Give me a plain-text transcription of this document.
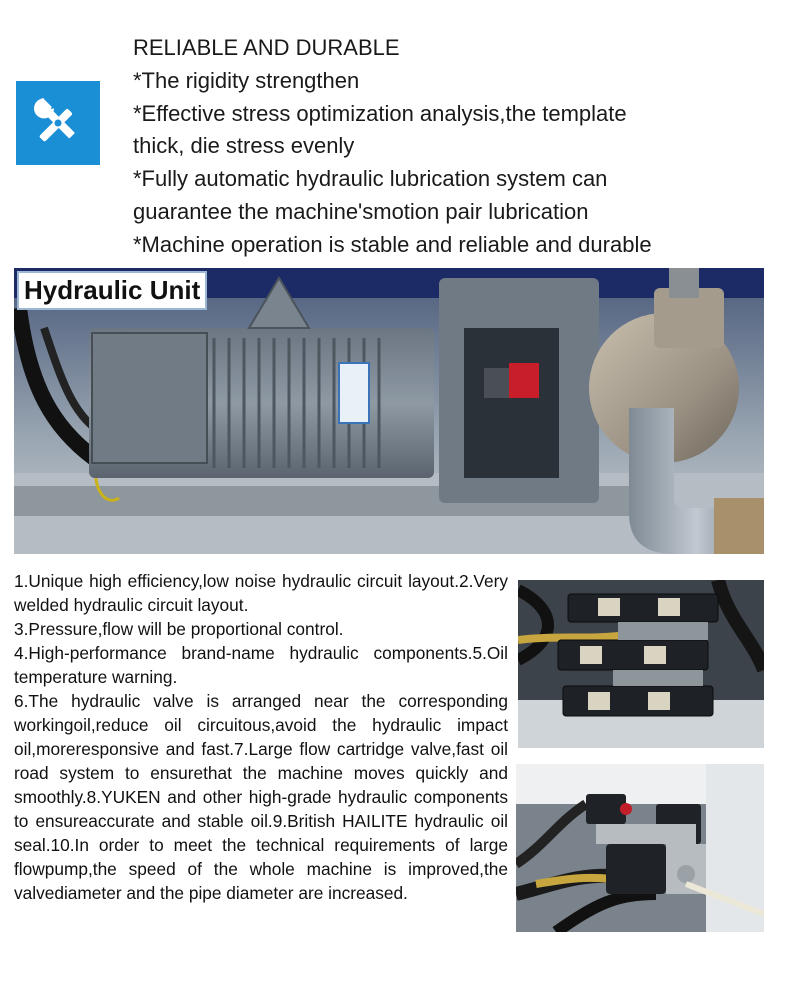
RELIABLE AND DURABLE
*The rigidity strengthen
*Effective stress optimization analysis,the template
thick, die stress evenly
*Fully automatic hydraulic lubrication system can
guarantee the machine'smotion pair lubrication
*Machine operation is stable and reliable and durable
Hydraulic Unit

1.Unique high efficiency,low noise hydraulic circuit layout.2.Very welded hydraulic circuit layout.

3.Pressure,flow will be proportional control.

4.High-performance brand-name hydraulic components.5.Oil temperature warning.

6.The hydraulic valve is arranged near the corresponding workingoil,reduce oil circuitous,avoid the hydraulic impact oil,moreresponsive and fast.7.Large flow cartridge valve,fast oil road system to ensurethat the machine moves quickly and smoothly.8.YUKEN and other high-grade hydraulic components to ensureaccurate and stable oil.9.British HAILITE hydraulic oil seal.10.In order to meet the technical requirements of large flowpump,the speed of the whole machine is improved,the valvediameter and the pipe diameter are increased.
